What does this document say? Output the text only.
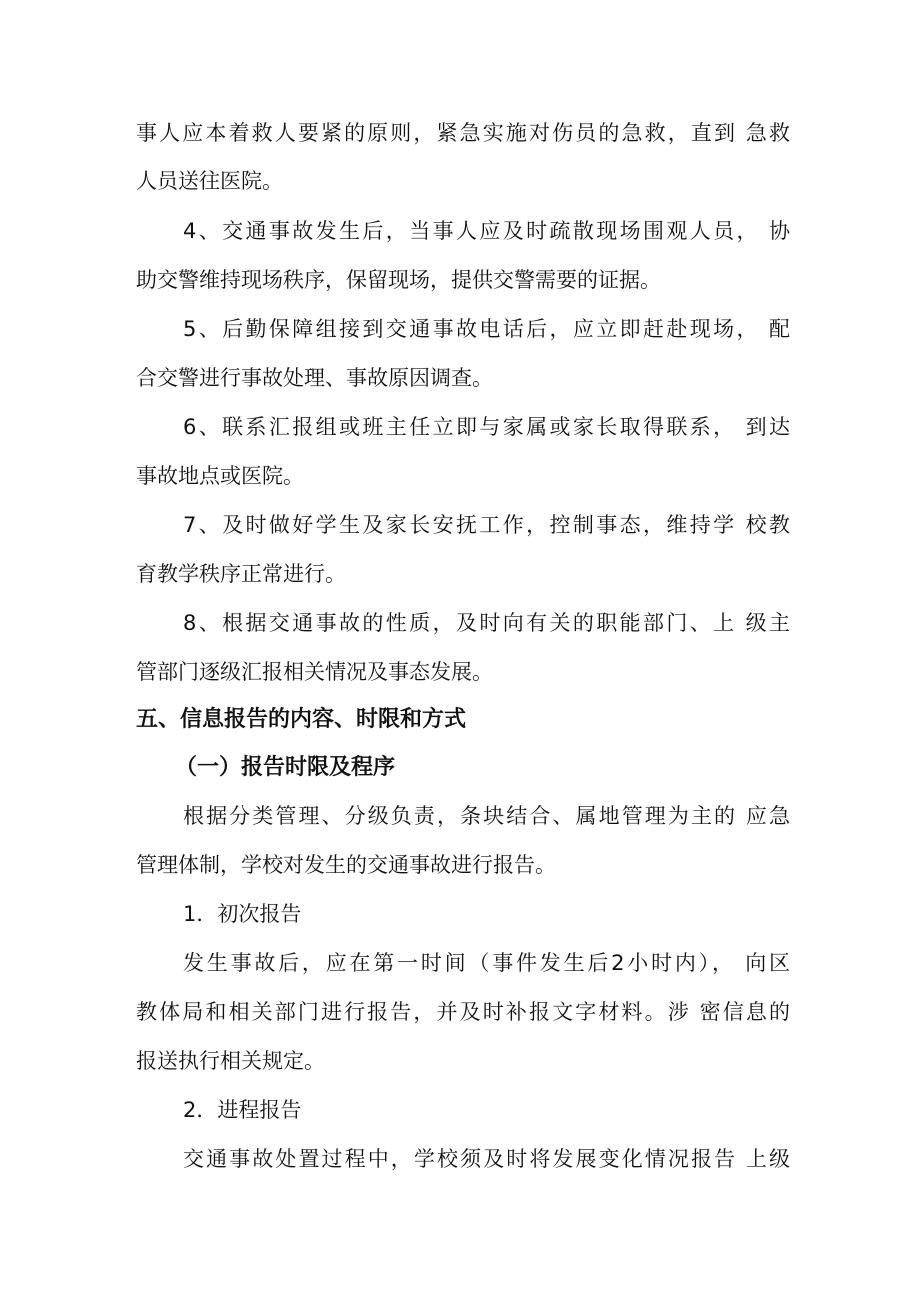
事人应本着救人要紧的原则，紧急实施对伤员的急救，直到 急救
人员送往医院。
4、交通事故发生后，当事人应及时疏散现场围观人员， 协
助交警维持现场秩序，保留现场，提供交警需要的证据。
5、后勤保障组接到交通事故电话后，应立即赶赴现场， 配
合交警进行事故处理、事故原因调查。
6、联系汇报组或班主任立即与家属或家长取得联系， 到达
事故地点或医院。
7、及时做好学生及家长安抚工作，控制事态，维持学 校教
育教学秩序正常进行。
8、根据交通事故的性质，及时向有关的职能部门、上 级主
管部门逐级汇报相关情况及事态发展。
五、信息报告的内容、时限和方式
（一）报告时限及程序
根据分类管理、分级负责，条块结合、属地管理为主的 应急
管理体制，学校对发生的交通事故进行报告。
1．初次报告
发生事故后，应在第一时间（事件发生后2小时内）， 向区
教体局和相关部门进行报告，并及时补报文字材料。涉 密信息的
报送执行相关规定。
2．进程报告
交通事故处置过程中，学校须及时将发展变化情况报告 上级
